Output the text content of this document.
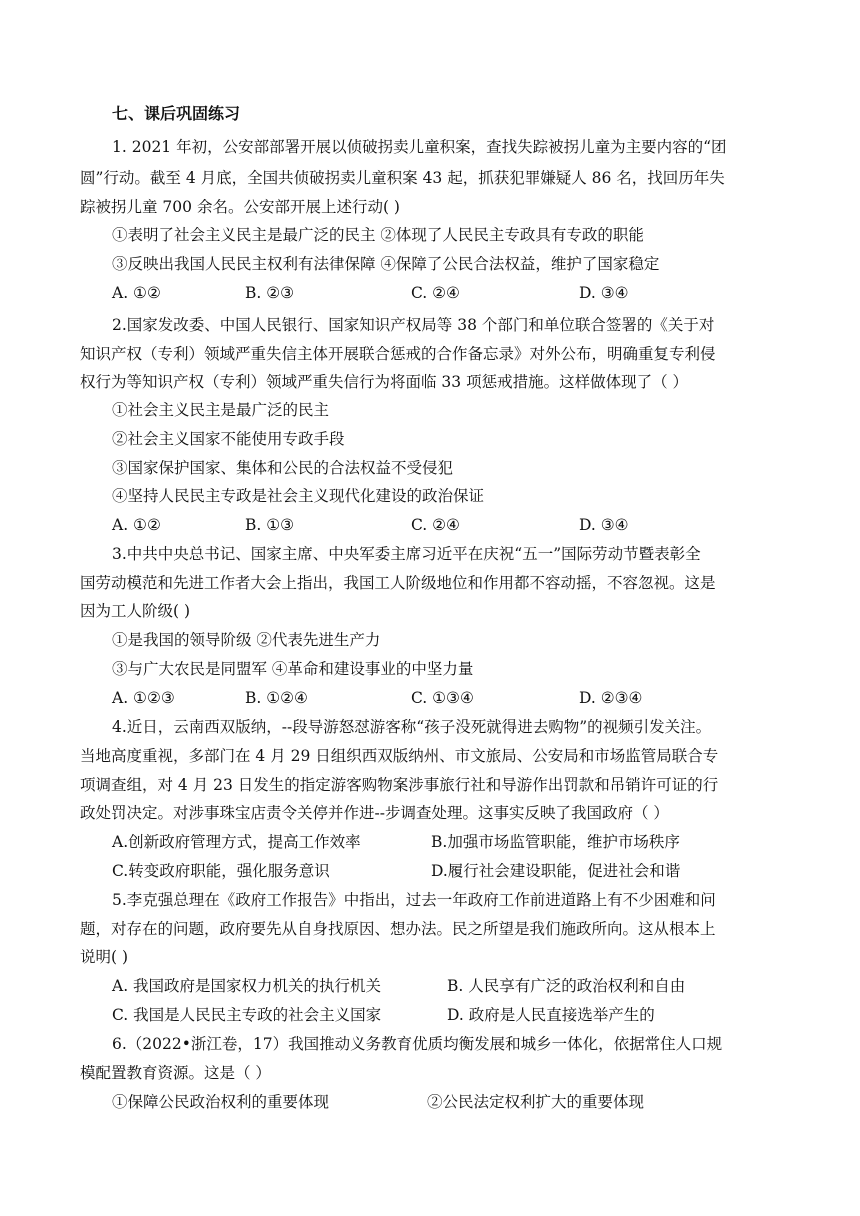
七、课后巩固练习
1. 2021 年初，公安部部署开展以侦破拐卖儿童积案，查找失踪被拐儿童为主要内容的“团
圆”行动。截至 4 月底，全国共侦破拐卖儿童积案 43 起，抓获犯罪嫌疑人 86 名，找回历年失
踪被拐儿童 700 余名。公安部开展上述行动( )
①表明了社会主义民主是最广泛的民主 ②体现了人民民主专政具有专政的职能
③反映出我国人民民主权利有法律保障 ④保障了公民合法权益，维护了国家稳定
A. ①②	B. ②③	C. ②④	D. ③④
2.国家发改委、中国人民银行、国家知识产权局等 38 个部门和单位联合签署的《关于对
知识产权（专利）领域严重失信主体开展联合惩戒的合作备忘录》对外公布，明确重复专利侵
权行为等知识产权（专利）领域严重失信行为将面临 33 项惩戒措施。这样做体现了（ ）
①社会主义民主是最广泛的民主
②社会主义国家不能使用专政手段
③国家保护国家、集体和公民的合法权益不受侵犯
④坚持人民民主专政是社会主义现代化建设的政治保证
A. ①②	B. ①③	C. ②④	D. ③④
3.中共中央总书记、国家主席、中央军委主席习近平在庆祝“五一”国际劳动节暨表彰全
国劳动模范和先进工作者大会上指出，我国工人阶级地位和作用都不容动摇，不容忽视。这是
因为工人阶级( )
①是我国的领导阶级 ②代表先进生产力
③与广大农民是同盟军 ④革命和建设事业的中坚力量
A. ①②③	B. ①②④	C. ①③④	D. ②③④
4.近日，云南西双版纳，--段导游怒怼游客称“孩子没死就得进去购物”的视频引发关注。
当地高度重视，多部门在 4 月 29 日组织西双版纳州、市文旅局、公安局和市场监管局联合专
项调查组，对 4 月 23 日发生的指定游客购物案涉事旅行社和导游作出罚款和吊销许可证的行
政处罚决定。对涉事珠宝店责令关停并作进--步调查处理。这事实反映了我国政府（ ）
A.创新政府管理方式，提高工作效率	B.加强市场监管职能，维护市场秩序
C.转变政府职能，强化服务意识	D.履行社会建设职能，促进社会和谐
5.李克强总理在《政府工作报告》中指出，过去一年政府工作前进道路上有不少困难和问
题，对存在的问题，政府要先从自身找原因、想办法。民之所望是我们施政所向。这从根本上
说明( )
A. 我国政府是国家权力机关的执行机关	B. 人民享有广泛的政治权利和自由
C. 我国是人民民主专政的社会主义国家	D. 政府是人民直接选举产生的
6.（2022•浙江卷，17）我国推动义务教育优质均衡发展和城乡一体化，依据常住人口规
模配置教育资源。这是（ ）
①保障公民政治权利的重要体现	②公民法定权利扩大的重要体现
